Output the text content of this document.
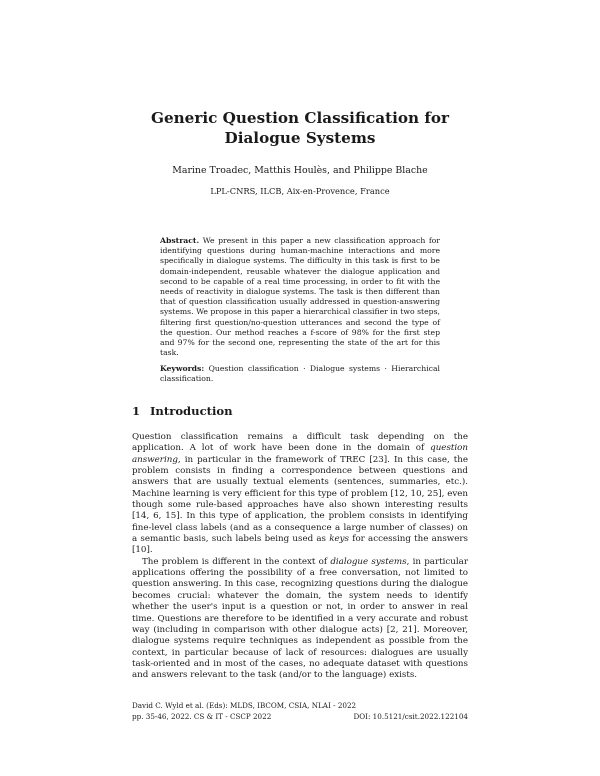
Generic Question Classification for Dialogue Systems
Marine Troadec, Matthis Houlès, and Philippe Blache
LPL-CNRS, ILCB, Aix-en-Provence, France
Abstract. We present in this paper a new classification approach for identifying questions during human-machine interactions and more specifically in dialogue systems. The difficulty in this task is first to be domain-independent, reusable whatever the dialogue application and second to be capable of a real time processing, in order to fit with the needs of reactivity in dialogue systems. The task is then different than that of question classification usually addressed in question-answering systems. We propose in this paper a hierarchical classifier in two steps, filtering first question/no-question utterances and second the type of the question. Our method reaches a f-score of 98% for the first step and 97% for the second one, representing the state of the art for this task.
Keywords: Question classification · Dialogue systems · Hierarchical classification.
1 Introduction

Question classification remains a difficult task depending on the application. A lot of work have been done in the domain of question answering, in particular in the framework of TREC [23]. In this case, the problem consists in finding a correspondence between questions and answers that are usually textual elements (sentences, summaries, etc.). Machine learning is very efficient for this type of problem [12, 10, 25], even though some rule-based approaches have also shown interesting results [14, 6, 15]. In this type of application, the problem consists in identifying fine-level class labels (and as a consequence a large number of classes) on a semantic basis, such labels being used as keys for accessing the answers [10].

The problem is different in the context of dialogue systems, in particular applications offering the possibility of a free conversation, not limited to question answering. In this case, recognizing questions during the dialogue becomes crucial: whatever the domain, the system needs to identify whether the user's input is a question or not, in order to answer in real time. Questions are therefore to be identified in a very accurate and robust way (including in comparison with other dialogue acts) [2, 21]. Moreover, dialogue systems require techniques as independent as possible from the context, in particular because of lack of resources: dialogues are usually task-oriented and in most of the cases, no adequate dataset with questions and answers relevant to the task (and/or to the language) exists.

David C. Wyld et al. (Eds): MLDS, IBCOM, CSIA, NLAI - 2022
pp. 35-46, 2022. CS & IT - CSCP 2022	DOI: 10.5121/csit.2022.122104
